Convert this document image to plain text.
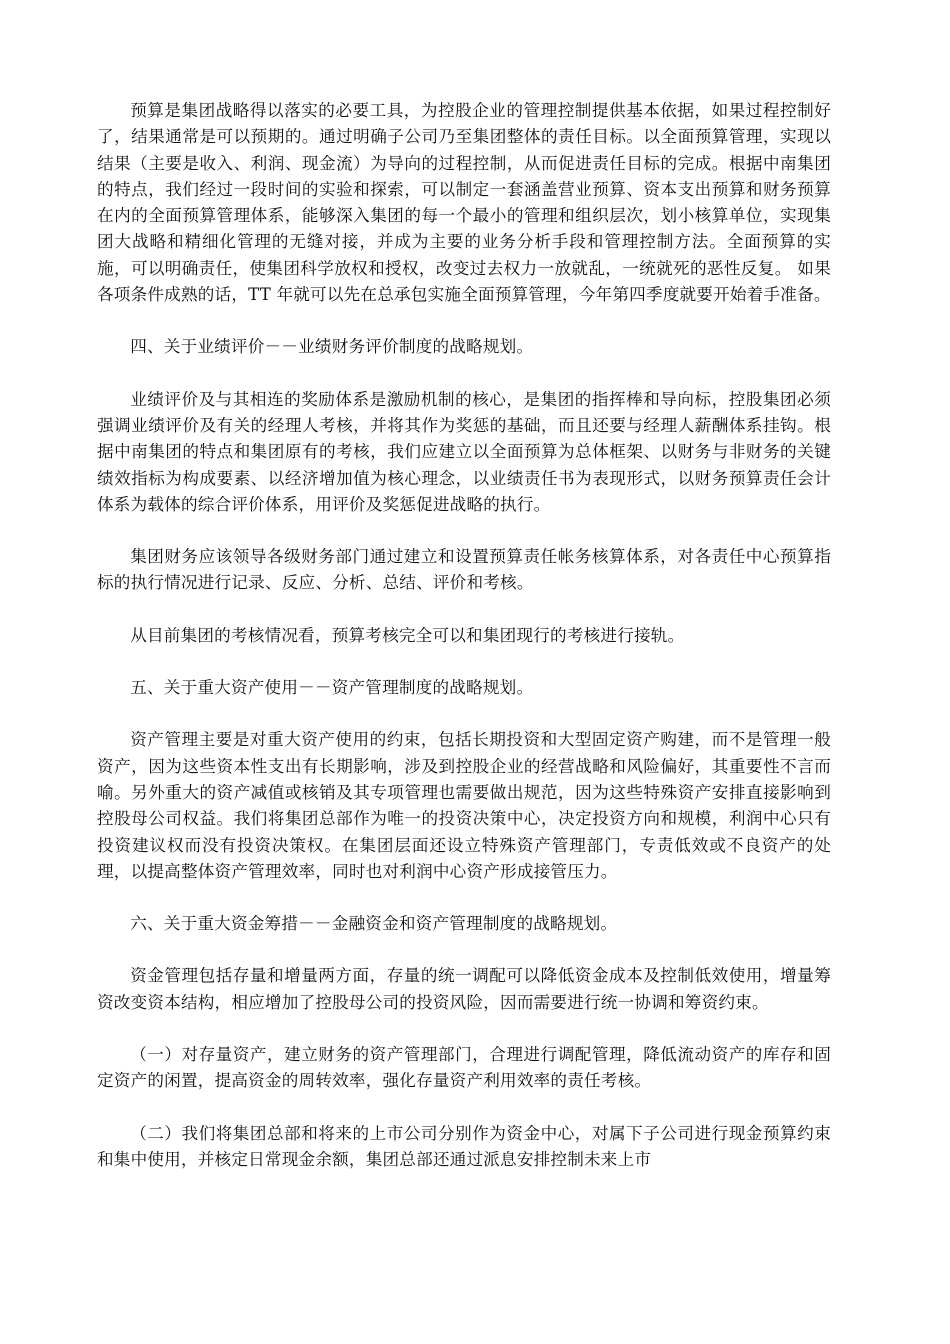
预算是集团战略得以落实的必要工具，为控股企业的管理控制提供基本依据，如果过程控制好了，结果通常是可以预期的。通过明确子公司乃至集团整体的责任目标。以全面预算管理，实现以结果（主要是收入、利润、现金流）为导向的过程控制，从而促进责任目标的完成。根据中南集团的特点，我们经过一段时间的实验和探索，可以制定一套涵盖营业预算、资本支出预算和财务预算在内的全面预算管理体系，能够深入集团的每一个最小的管理和组织层次，划小核算单位，实现集团大战略和精细化管理的无缝对接，并成为主要的业务分析手段和管理控制方法。全面预算的实施，可以明确责任，使集团科学放权和授权，改变过去权力一放就乱，一统就死的恶性反复。 如果各项条件成熟的话，TT 年就可以先在总承包实施全面预算管理，今年第四季度就要开始着手准备。

四、关于业绩评价－－业绩财务评价制度的战略规划。

业绩评价及与其相连的奖励体系是激励机制的核心，是集团的指挥棒和导向标，控股集团必须强调业绩评价及有关的经理人考核，并将其作为奖惩的基础，而且还要与经理人薪酬体系挂钩。根据中南集团的特点和集团原有的考核，我们应建立以全面预算为总体框架、以财务与非财务的关键绩效指标为构成要素、以经济增加值为核心理念，以业绩责任书为表现形式，以财务预算责任会计体系为载体的综合评价体系，用评价及奖惩促进战略的执行。

集团财务应该领导各级财务部门通过建立和设置预算责任帐务核算体系，对各责任中心预算指标的执行情况进行记录、反应、分析、总结、评价和考核。

从目前集团的考核情况看，预算考核完全可以和集团现行的考核进行接轨。

五、关于重大资产使用－－资产管理制度的战略规划。

资产管理主要是对重大资产使用的约束，包括长期投资和大型固定资产购建，而不是管理一般资产，因为这些资本性支出有长期影响，涉及到控股企业的经营战略和风险偏好，其重要性不言而喻。另外重大的资产减值或核销及其专项管理也需要做出规范，因为这些特殊资产安排直接影响到控股母公司权益。我们将集团总部作为唯一的投资决策中心，决定投资方向和规模，利润中心只有投资建议权而没有投资决策权。在集团层面还设立特殊资产管理部门，专责低效或不良资产的处理，以提高整体资产管理效率，同时也对利润中心资产形成接管压力。

六、关于重大资金筹措－－金融资金和资产管理制度的战略规划。

资金管理包括存量和增量两方面，存量的统一调配可以降低资金成本及控制低效使用，增量筹资改变资本结构，相应增加了控股母公司的投资风险，因而需要进行统一协调和筹资约束。

（一）对存量资产，建立财务的资产管理部门，合理进行调配管理，降低流动资产的库存和固定资产的闲置，提高资金的周转效率，强化存量资产利用效率的责任考核。

（二）我们将集团总部和将来的上市公司分别作为资金中心，对属下子公司进行现金预算约束和集中使用，并核定日常现金余额，集团总部还通过派息安排控制未来上市
